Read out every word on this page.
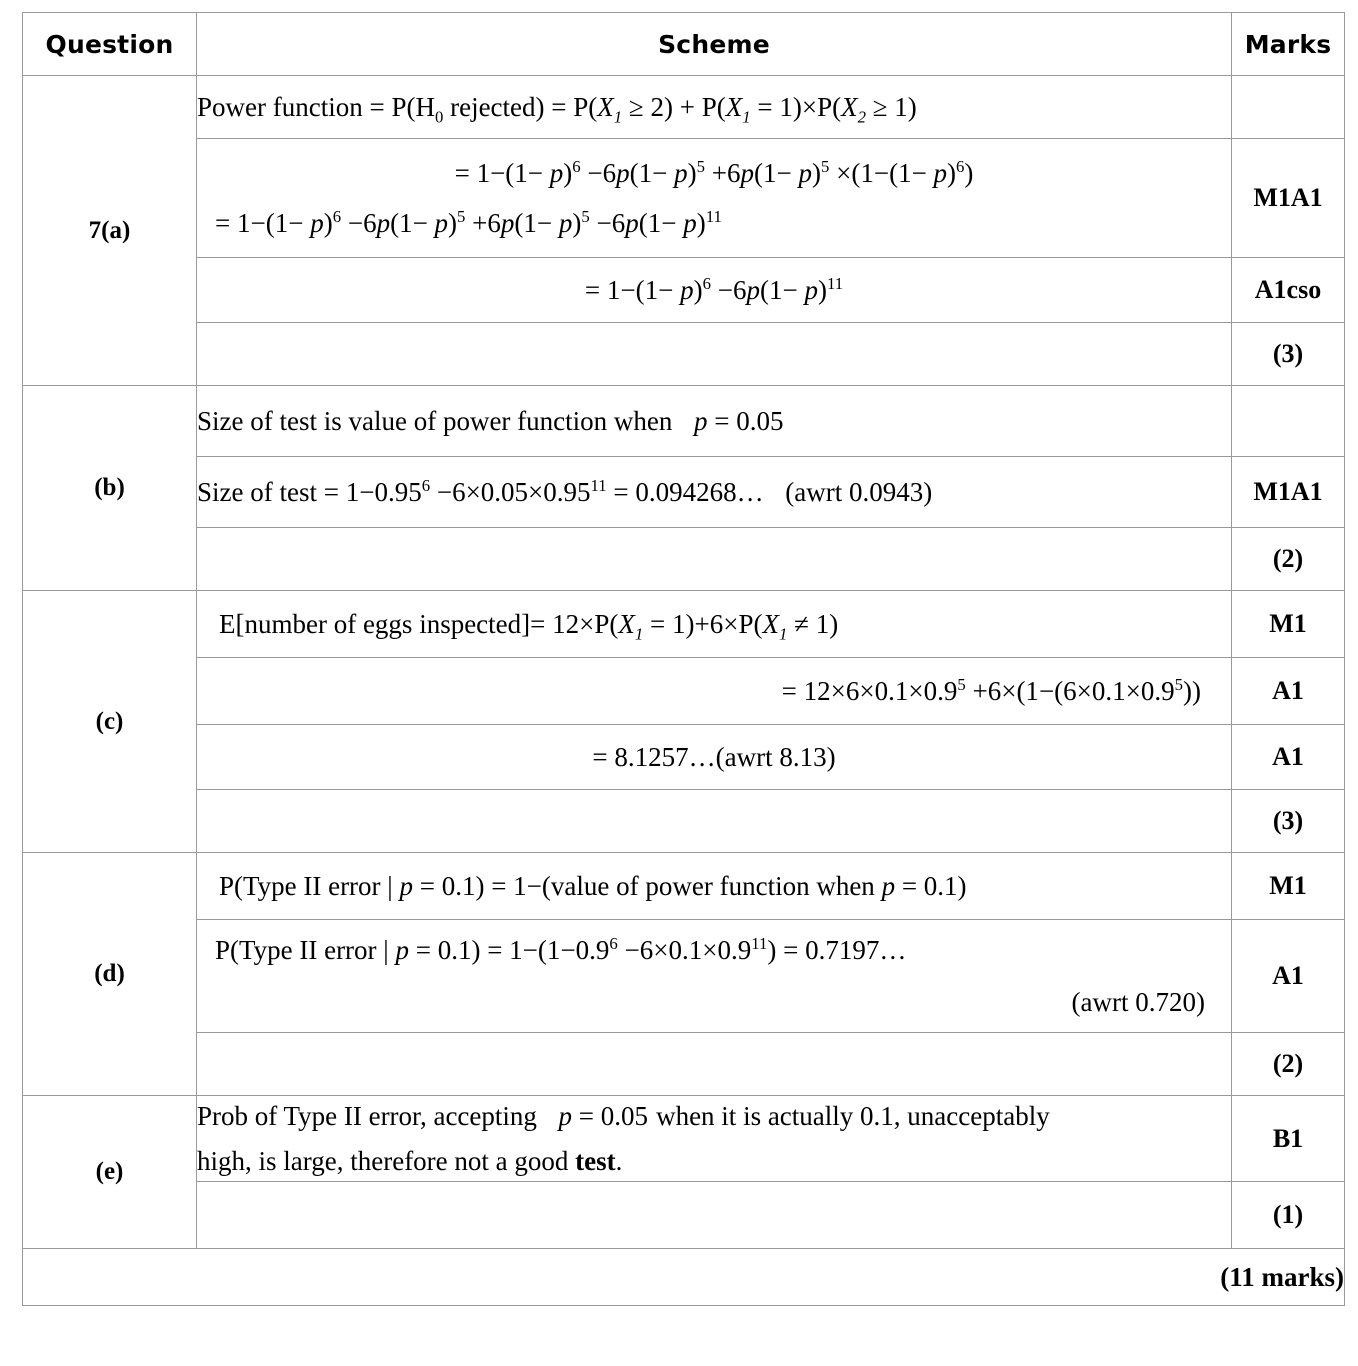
Question	Scheme	Marks
7(a)	Power function = $P(H_0$ rejected) = $P(X_1 \ge 2) + P(X_1 = 1)\times P(X_2 \ge 1)$	

	= $1-(1- p)^6 -6p(1- p)^5 +6p(1- p)^5 \times(1-(1- p)^6)$
= $1-(1- p)^6 -6p(1- p)^5 +6p(1- p)^5 -6p(1- p)^{11}$	M1A1
	= $1-(1- p)^6 -6p(1- p)^{11}$	A1cso
		(3)
(b)	Size of test is value of power function when p = 0.05	
	Size of test = $1-0.95^6 -6\times 0.05\times 0.95^{11}$ = 0.094268… (awrt 0.0943)	M1A1
		(2)
(c)	E[number of eggs inspected]= $12\times P(X_1 = 1)+6\times P(X_1 \ne 1)$	M1
	= $12\times 6\times 0.1\times 0.9^5 +6\times(1-(6\times 0.1\times 0.9^5))$	A1
	= 8.1257…(awrt 8.13)	A1
		(3)
(d)	P(Type II error | p = 0.1) = 1−(value of power function when p = 0.1)	M1

	P(Type II error | $p = 0.1) = 1-(1-0.9^6 -6\times 0.1\times 0.9^{11})$ = 0.7197…
(awrt 0.720)	A1
		(2)
(e)	Prob of Type II error, accepting p = 0.05 when it is actually 0.1, unacceptably
high, is large, therefore not a good test.	B1
		(1)
(11 marks)		
